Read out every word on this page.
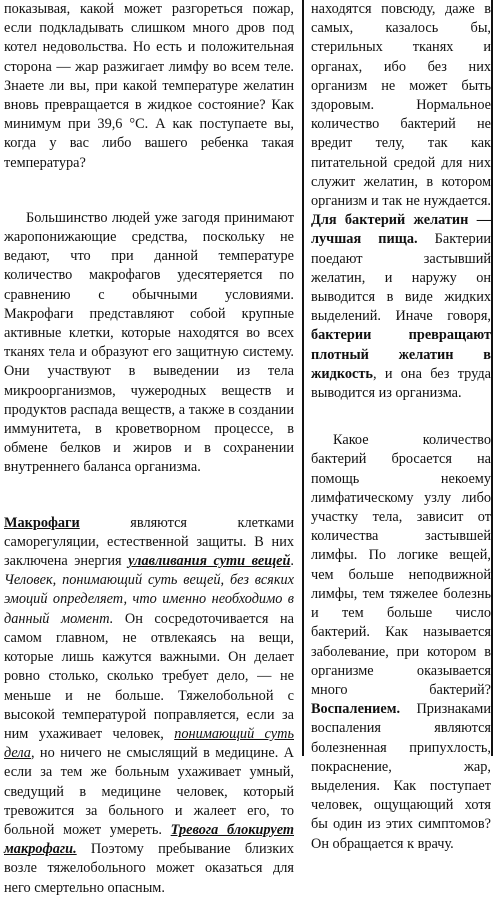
показывая, какой может разгореться пожар, если подкладывать слишком много дров под котел недовольства. Но есть и положительная сторона — жар разжигает лимфу во всем теле. Знаете ли вы, при какой температуре желатин вновь превращается в жидкое состояние? Как минимум при 39,6 °С. А как поступаете вы, когда у вас либо вашего ребенка такая температура?

Большинство людей уже загодя принимают жаропонижающие средства, поскольку не ведают, что при данной температуре количество макрофагов удесятеряется по сравнению с обычными условиями. Макрофаги представляют собой крупные активные клетки, которые находятся во всех тканях тела и образуют его защитную систему. Они участвуют в выведении из тела микроорганизмов, чужеродных веществ и продуктов распада веществ, а также в создании иммунитета, в кроветворном процессе, в обмене белков и жиров и в сохранении внутреннего баланса организма.

Макрофаги являются клетками саморегуляции, естественной защиты. В них заключена энергия улавливания сути вещей. Человек, понимающий суть вещей, без всяких эмоций определяет, что именно необходимо в данный момент. Он сосредоточивается на самом главном, не отвлекаясь на вещи, которые лишь кажутся важными. Он делает ровно столько, сколько требует дело, — не меньше и не больше. Тяжелобольной с высокой температурой поправляется, если за ним ухаживает человек, понимающий суть дела, но ничего не смыслящий в медицине. А если за тем же больным ухаживает умный, сведущий в медицине человек, который тревожится за больного и жалеет его, то больной может умереть. Тревога блокирует макрофаги. Поэтому пребывание близких возле тяжелобольного может оказаться для него смертельно опасным.

находятся повсюду, даже в самых, казалось бы, стерильных тканях и органах, ибо без них организм не может быть здоровым. Нормальное количество бактерий не вредит телу, так как питательной средой для них служит желатин, в котором организм и так не нуждается. Для бактерий желатин — лучшая пища. Бактерии поедают застывший желатин, и наружу он выводится в виде жидких выделений. Иначе говоря, бактерии превращают плотный желатин в жидкость, и она без труда выводится из организма.

Какое количество бактерий бросается на помощь некоему лимфатическому узлу либо участку тела, зависит от количества застывшей лимфы. По логике вещей, чем больше неподвижной лимфы, тем тяжелее болезнь и тем больше число бактерий. Как называется заболевание, при котором в организме оказывается много бактерий? Воспалением. Признаками воспаления являются болезненная припухлость, покраснение, жар, выделения. Как поступает человек, ощущающий хотя бы один из этих симптомов? Он обращается к врачу.
